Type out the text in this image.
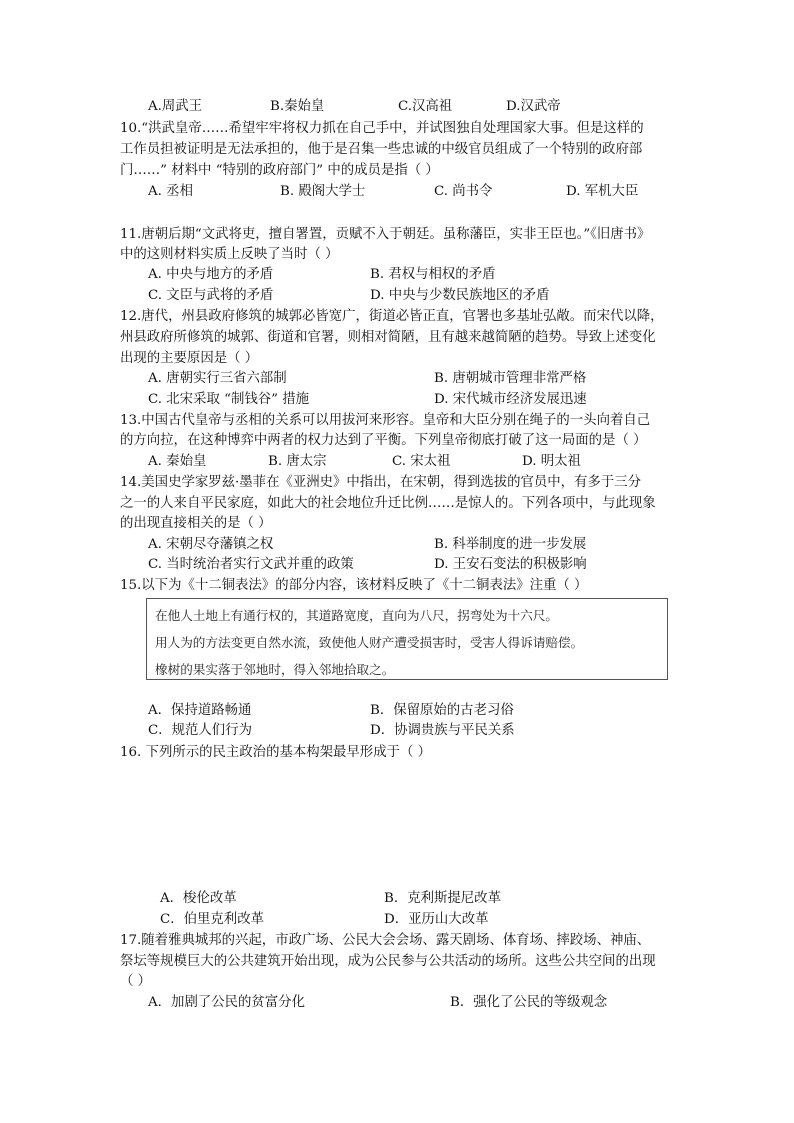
A.周武王	B.秦始皇	C.汉高祖	D.汉武帝
10.“洪武皇帝……希望牢牢将权力抓在自己手中，并试图独自处理国家大事。但是这样的
工作员担被证明是无法承担的，他于是召集一些忠诚的中级官员组成了一个特别的政府部
门……” 材料中 “特别的政府部门” 中的成员是指（ ）
A. 丞相	B. 殿阁大学士	C. 尚书令	D. 军机大臣
11.唐朝后期“文武将吏，擅自署置，贡赋不入于朝廷。虽称藩臣，实非王臣也。”《旧唐书》
中的这则材料实质上反映了当时（ ）
A. 中央与地方的矛盾	B. 君权与相权的矛盾
C. 文臣与武将的矛盾	D. 中央与少数民族地区的矛盾
12.唐代，州县政府修筑的城郭必皆宽广，街道必皆正直，官署也多基址弘敞。而宋代以降，
州县政府所修筑的城郭、街道和官署，则相对简陋，且有越来越简陋的趋势。导致上述变化
出现的主要原因是（ ）
A. 唐朝实行三省六部制	B. 唐朝城市管理非常严格
C. 北宋采取 “制钱谷” 措施	D. 宋代城市经济发展迅速
13.中国古代皇帝与丞相的关系可以用拔河来形容。皇帝和大臣分别在绳子的一头向着自己
的方向拉，在这种博弈中两者的权力达到了平衡。下列皇帝彻底打破了这一局面的是（ ）
A. 秦始皇	B. 唐太宗	C. 宋太祖	D. 明太祖
14.美国史学家罗兹·墨菲在《亚洲史》中指出，在宋朝，得到选拔的官员中，有多于三分
之一的人来自平民家庭，如此大的社会地位升迁比例……是惊人的。下列各项中，与此现象
的出现直接相关的是（ ）
A. 宋朝尽夺藩镇之权	B. 科举制度的进一步发展
C. 当时统治者实行文武并重的政策	D. 王安石变法的积极影响
15.以下为《十二铜表法》的部分内容，该材料反映了《十二铜表法》注重（ ）
在他人土地上有通行权的，其道路宽度，直向为八尺，拐弯处为十六尺。
用人为的方法变更自然水流，致使他人财产遭受损害时，受害人得诉请赔偿。
橡树的果实落于邻地时，得入邻地拾取之。
A．保持道路畅通	B．保留原始的古老习俗
C．规范人们行为	D．协调贵族与平民关系
16. 下列所示的民主政治的基本构架最早形成于（ ）
A．梭伦改革	B．克利斯提尼改革
C．伯里克利改革	D．亚历山大改革
17.随着雅典城邦的兴起，市政广场、公民大会会场、露天剧场、体育场、摔跤场、神庙、
祭坛等规模巨大的公共建筑开始出现，成为公民参与公共活动的场所。这些公共空间的出现
（ ）
A．加剧了公民的贫富分化	B．强化了公民的等级观念
